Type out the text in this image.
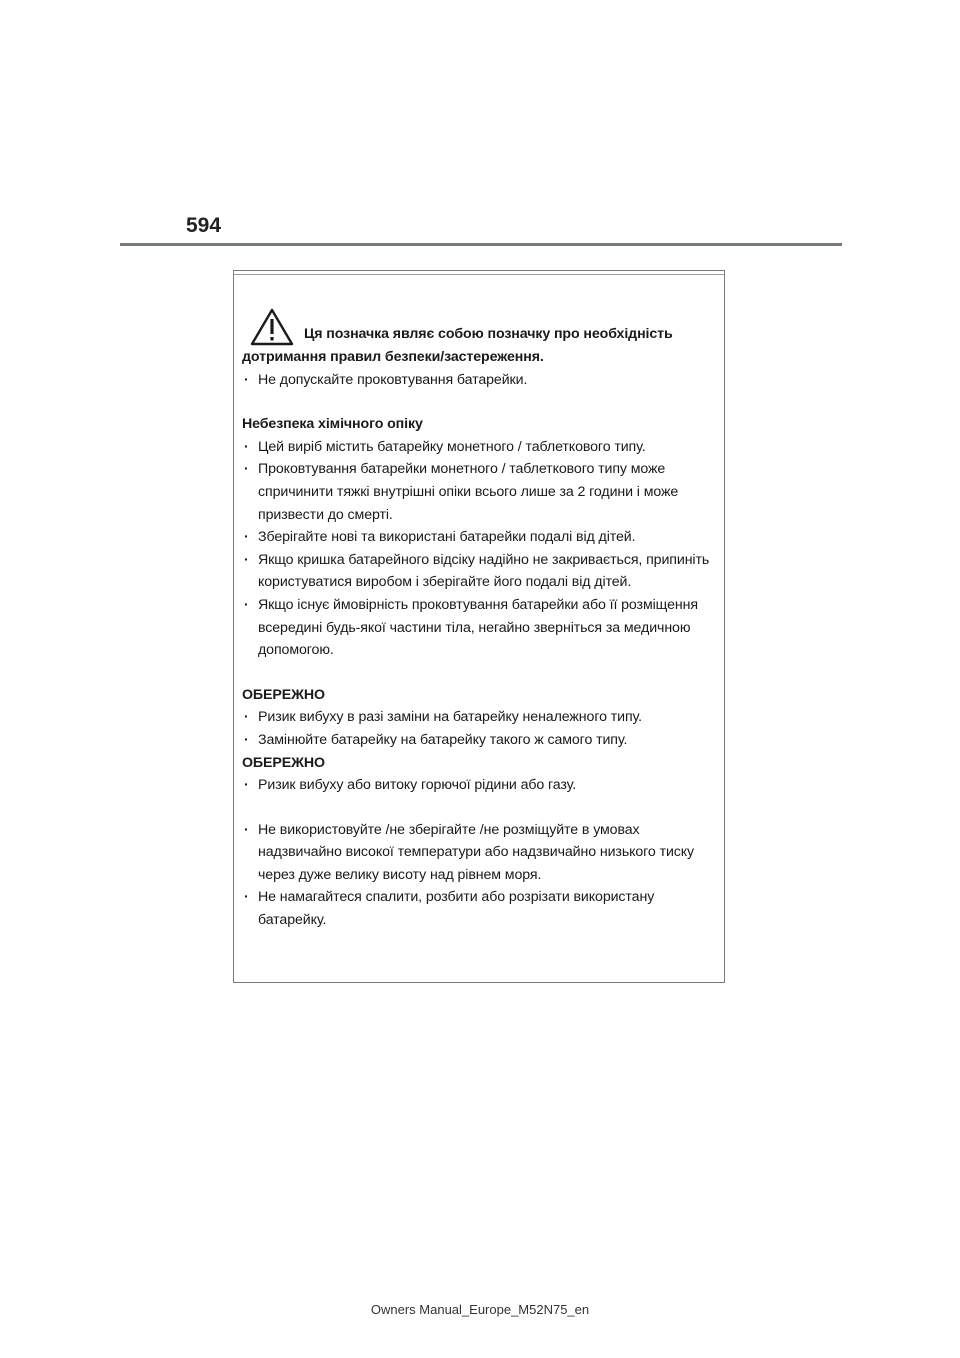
594
Ця позначка являє собою позначку про необхідність
дотримання правил безпеки/застереження.
· Не допускайте проковтування батарейки.
Небезпека хімічного опіку
· Цей виріб містить батарейку монетного / таблеткового типу.
· Проковтування батарейки монетного / таблеткового типу може спричинити тяжкі внутрішні опіки всього лише за 2 години і може призвести до смерті.
· Зберігайте нові та використані батарейки подалі від дітей.
· Якщо кришка батарейного відсіку надійно не закривається, припиніть користуватися виробом і зберігайте його подалі від дітей.
· Якщо існує ймовірність проковтування батарейки або її розміщення всередині будь-якої частини тіла, негайно зверніться за медичною допомогою.
ОБЕРЕЖНО
· Ризик вибуху в разі заміни на батарейку неналежного типу.
· Замінюйте батарейку на батарейку такого ж самого типу.
ОБЕРЕЖНО
· Ризик вибуху або витоку горючої рідини або газу.
· Не використовуйте /не зберігайте /не розміщуйте в умовах надзвичайно високої температури або надзвичайно низького тиску через дуже велику висоту над рівнем моря.
· Не намагайтеся спалити, розбити або розрізати використану батарейку.
Owners Manual_Europe_M52N75_en
